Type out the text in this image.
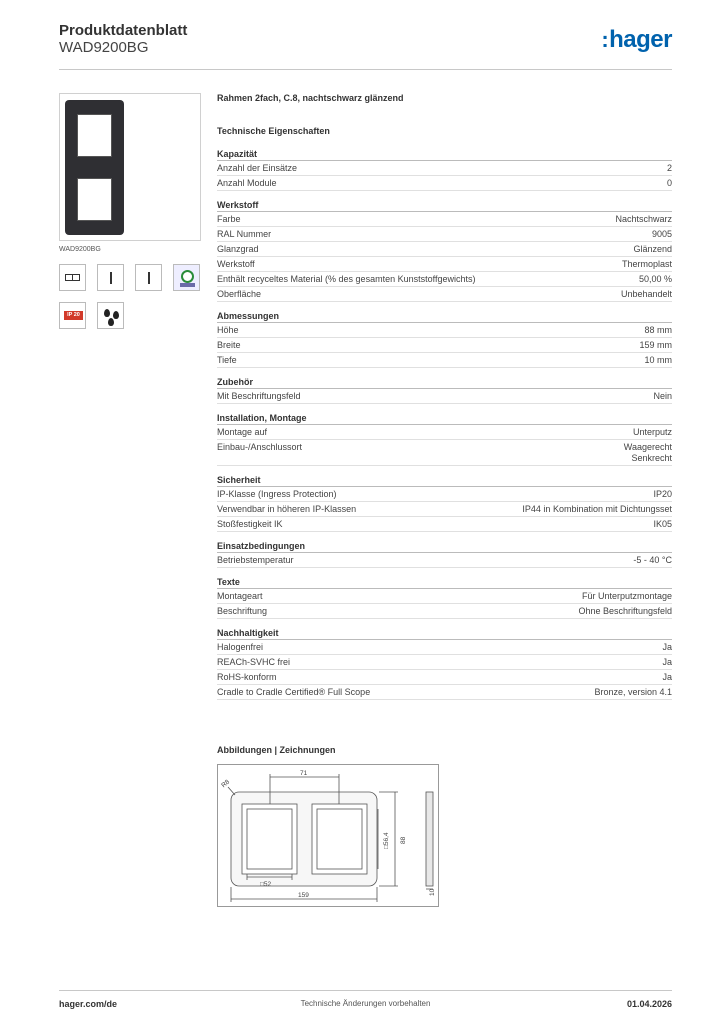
Produktdatenblatt
WAD9200BG	:hager
WAD9200BG
IP 20
Rahmen 2fach, C.8, nachtschwarz glänzend
Technische Eigenschaften
Kapazität
Anzahl der Einsätze	2
Anzahl Module	0
Werkstoff
Farbe	Nachtschwarz
RAL Nummer	9005
Glanzgrad	Glänzend
Werkstoff	Thermoplast
Enthält recyceltes Material (% des gesamten Kunststoffgewichts)	50,00 %
Oberfläche	Unbehandelt
Abmessungen
Höhe	88 mm
Breite	159 mm
Tiefe	10 mm
Zubehör
Mit Beschriftungsfeld	Nein
Installation, Montage
Montage auf	Unterputz
Einbau-/Anschlussort	Waagerecht
Senkrecht
Sicherheit
IP-Klasse (Ingress Protection)	IP20
Verwendbar in höheren IP-Klassen	IP44 in Kombination mit Dichtungsset
Stoßfestigkeit IK	IK05
Einsatzbedingungen
Betriebstemperatur	-5 - 40 °C
Texte
Montageart	Für Unterputzmontage
Beschriftung	Ohne Beschriftungsfeld
Nachhaltigkeit
Halogenfrei	Ja
REACh-SVHC frei	Ja
RoHS-konform	Ja
Cradle to Cradle Certified® Full Scope	Bronze, version 4.1
Abbildungen | Zeichnungen
R8
71
□56,4 88
□52
159	10
hager.com/de	Technische Änderungen vorbehalten	01.04.2026
